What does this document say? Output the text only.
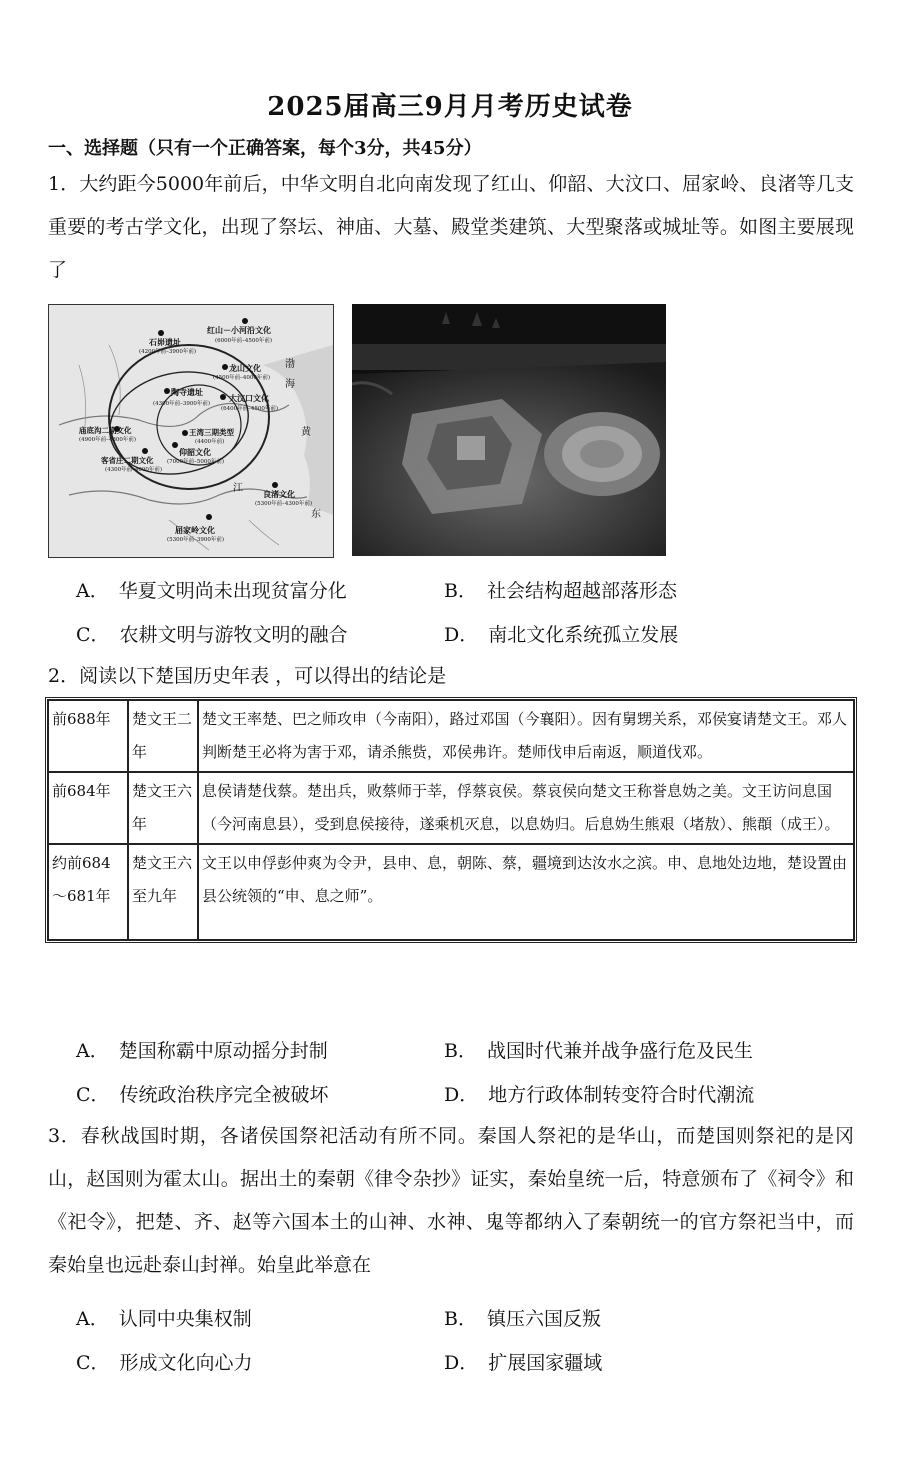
2025届高三9月月考历史试卷
一、选择题（只有一个正确答案，每个3分，共45分）
1．大约距今5000年前后，中华文明自北向南发现了红山、仰韶、大汶口、屈家岭、良渚等几支重要的考古学文化，出现了祭坛、神庙、大墓、殿堂类建筑、大型聚落或城址等。如图主要展现了
红山－小河沿文化
(6000年前–4500年前)
石峁遗址
(4200年前–3900年前)
龙山文化
(4500年前–4000年前)
陶寺遗址
(4300年前–3900年前)
大汶口文化
(6400年前–4500年前)
庙底沟二期文化
(4900年前–4800年前)
王湾三期类型
(4400年前)
仰韶文化
(7000年前–5000年前)
客省庄二期文化
(4300年前–4000年前)
良渚文化
(5300年前–4300年前)
屈家岭文化
(5300年前–3900年前)
渤
海
黄
江
东
A． 华夏文明尚未出现贫富分化	B． 社会结构超越部落形态
C． 农耕文明与游牧文明的融合	D． 南北文化系统孤立发展
2．阅读以下楚国历史年表 ，可以得出的结论是
前688年	楚文王二年	楚文王率楚、巴之师攻申（今南阳），路过邓国（今襄阳）。因有舅甥关系，邓侯宴请楚文王。邓人判断楚王必将为害于邓，请杀熊赀，邓侯弗许。楚师伐申后南返，顺道伐邓。
前684年	楚文王六年	息侯请楚伐蔡。楚出兵，败蔡师于莘，俘蔡哀侯。蔡哀侯向楚文王称誉息妫之美。文王访问息国（今河南息县），受到息侯接待，遂乘机灭息，以息妫归。后息妫生熊艰（堵敖）、熊頵（成王）。
约前684～681年	楚文王六至九年	文王以申俘彭仲爽为令尹，县申、息，朝陈、蔡，疆境到达汝水之滨。申、息地处边地，楚设置由县公统领的“申、息之师”。
A． 楚国称霸中原动摇分封制	B． 战国时代兼并战争盛行危及民生
C． 传统政治秩序完全被破坏	D． 地方行政体制转变符合时代潮流
3．春秋战国时期，各诸侯国祭祀活动有所不同。秦国人祭祀的是华山，而楚国则祭祀的是冈山，赵国则为霍太山。据出土的秦朝《律令杂抄》证实，秦始皇统一后，特意颁布了《祠令》和《祀令》，把楚、齐、赵等六国本土的山神、水神、鬼等都纳入了秦朝统一的官方祭祀当中，而秦始皇也远赴泰山封禅。始皇此举意在
A． 认同中央集权制	B． 镇压六国反叛
C． 形成文化向心力	D． 扩展国家疆域
